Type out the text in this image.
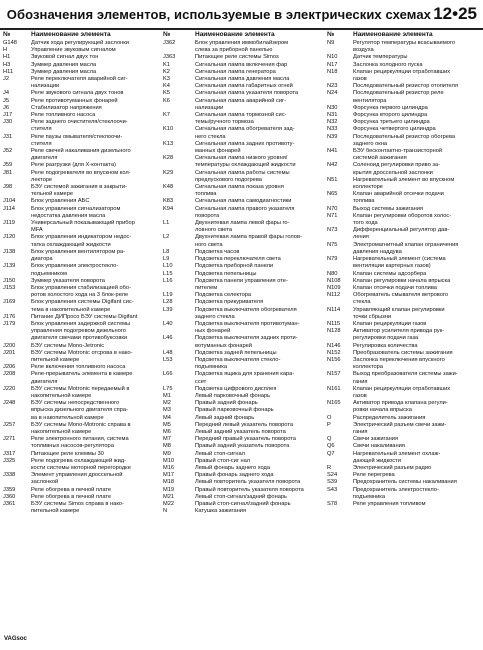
Обозначения элементов, используемые в электрических схемах 12•25
№	Наименование элемента
G148	Датчик хода регулирующей заслонки
H	Управление звуковым сигналом
H1	Звуковой сигнал двух тон
H3	Зуммер давления масла
H11	Зуммер давления масла
J2	Реле переключателя аварийной сиг-
нализации
J4	Реле звукового сигнала двух тонов
J5	Реле противотуманных фонарей
J6	Стабилизатор напряжения
J17	Реле топливного насоса
J30	Реле заднего очистителя/стеклоочи-
стителя
J31	Реле паузы омывателя/стеклоочи-
стителя
J52	Реле свечей накаливания дизельного
двигателя
J59	Реле разгрузки (для X-контакта)
J81	Реле подогревателя во впускном кол-
лекторе
J98	БЭУ системой зажигания в закрыти-
тельной камере
J104	Блок управления АБС
J114	Блок управления сигнализатором
недостатка давления масла
J119	Универсальный показывающий прибор
MFA
J120	Блок управления индикатором недос-
татка охлаждающей жидкости
J138	Блок управления вентилятором ра-
диатора
J139	Блок управления электростекло-
подъемником
J150	Зуммер указателя поворота
J153	Блок управления стабилизацией обо-
ротов холостого хода на 3 блок-реле
J169	Блок управления системы Digifant сис-
тема в накопительной камере
J176	Питание ДИПросо БЭУ системы Digifant
J179	Блок управления задержкой системы
управления подогревом дизельного
двигателя свечами противобуксовки
J200	БЭУ системы Mono-Jetronic
J201	БЭУ системы Motronic отсрова в нако-
пительной камере
J206	Реле включения топливного насоса
J208	Реле-прерыватель элемента в камере
двигателя
J220	БЭУ системы Motronic передаемый в
накопительной камере
J248	БЭУ системы непосредственного
впрыска дизельного двигателя спра-
ва в накопительной камере
J257	БЭУ системы Mono-Motronic справа в
накопительной камере
J271	Реле электронного питания, система
топливных насосов-регулятора
J317	Питающее реле клеммы 30
J325	Реле подогрева охлаждающей жид-
кости системы моторной перегородке
J338	Элемент управления дроссельной
заслонкой
J359	Реле обогрева в печной плате
J360	Реле обогрева в печной плате
J361	БЭУ системы Simos справа в нако-
пительной камере
№	Наименование элемента
J362	Блок управления иммобилайзером
слева за приборной панелью
J363	Питающее реле системы Simos
K1	Сигнальная лампа включения фар
K2	Сигнальная лампа генератора
K3	Сигнальная лампа давления масла
K4	Сигнальная лампа габаритных огней
K5	Сигнальная лампа указателя поворота
K6	Сигнальная лампа аварийной сиг-
нализации
K7	Сигнальная лампа тормозной сис-
темы/ручного тормоза
K10	Сигнальная лампа обогревателя зад-
него стекла
K13	Сигнальная лампа задних противоту-
манных фонарей
K28	Сигнальная лампа низкого уровня/
температуры охлаждающей жидкости
K29	Сигнальная лампа работы системы
предпускового подогрева
K48	Сигнальная лампа показа уровня
топлива
K83	Сигнальная лампа самодиагностики
K94	Сигнальная лампа правого указателя
поворота
L1	Двухнитевая лампа левой фары го-
ловного света
L2	Двухнитевая лампа правой фары голов-
ного света
L8	Подсветка часов
L9	Подсветка переключателя света
L10	Подсветка приборной панели
L15	Подсветка пепельницы
L16	Подсветка панели управления оте-
пителем
L19	Подсветка селектора
L28	Подсветка прикуривателя
L39	Подсветка выключателя обогревателя
заднего стекла
L40	Подсветка выключателя противотуман-
ных фонарей
L46	Подсветка выключателя задних проти-
вотуманных фонарей
L48	Подсветка задней пепельницы
L53	Подсветка выключателя стекло-
подъемника
L66	Подсветка ящика для хранения кара-
ссет
L75	Подсветка цифрового дисплея
M1	Левый парковочный фонарь
M2	Правый задний фонарь
M3	Правый парковочный фонарь
M4	Левый задний фонарь
M5	Передний левый указатель поворота
M6	Левый задний указатель поворота
M7	Передний правый указатель поворота
M8	Правый задний указатель поворота
M9	Левый стоп-сигнал
M10	Правый стоп-сиг нал
M16	Левый фонарь заднего хода
M17	Правый фонарь заднего хода
M18	Левый повторитель указателя поворота
M19	Правый повторитель указателя поворота
M21	Левый стоп-сигнал/задний фонарь
M22	Правый стоп-сигнал/задний фонарь
N	Катушка зажигания
№	Наименование элемента
N9	Регулятор температуры всасываемого
воздуха
N10	Датчик температуры
N17	Заслонка холодного пуска
N18	Клапан рециркуляции отработавших
газов
N23	Последовательный резистор отопителя
N24	Последовательный резистор реле
вентилятора
N30	Форсунка первого цилиндра
N31	Форсунка второго цилиндра
N32	Форсунка третьего цилиндра
N33	Форсунка четвертого цилиндра
N39	Последовательный резистор обогрева
заднего окна
N41	БЭУ бесконтактно-транзисторной
системой зажигания
N42	Соленоид регулировки приво за-
крытия дроссельной заслонки
N51	Нагревательный элемент во впускном
коллекторе
N65	Клапан аварийной отсечки подачи
топлива
N70	Выход системы зажигания
N71	Клапан регулировки оборотов холос-
того хода
N73	Дифференциальный регулятор дав-
ления
N75	Электромагнитный клапан ограничения
давления наддува
N79	Нагревательный элемент (система
вентиляции картерных газов)
N80	Клапан системы адсорбера
N108	Клапан регулировки начала впрыска
N109	Клапан отсечки подачи топлива
N112	Обогреватель смывателя ветрового
стекла
N114	Управляющий клапан регулировки
точки сбрызни
N115	Клапан рециркуляции газов
N128	Активатор усилителя привода рук-
регулировки подачи газа
N146	Регулировка количества
N152	Преобразователь системы зажигания
N156	Заслонка переключения впускного
коллектора
N157	Выход преобразователя системы зажи-
гания
N161	Клапан рециркуляции отработавших
газов
N165	Активатор привода клапана регули-
ровки начала впрыска
O	Распределитель зажигания
P	Электрический разъем свечи зажи-
гания
Q	Свечи зажигания
Q6	Свечи накаливания
Q7	Нагревательный элемент охлаж-
дающей жидкости
R	Электрический разъем радио
S24	Реле перегрева
S39	Предохранитель системы накаливания
S43	Предохранитель электростекло-
подъемника
S78	Реле управления топливом
VAGsoc
